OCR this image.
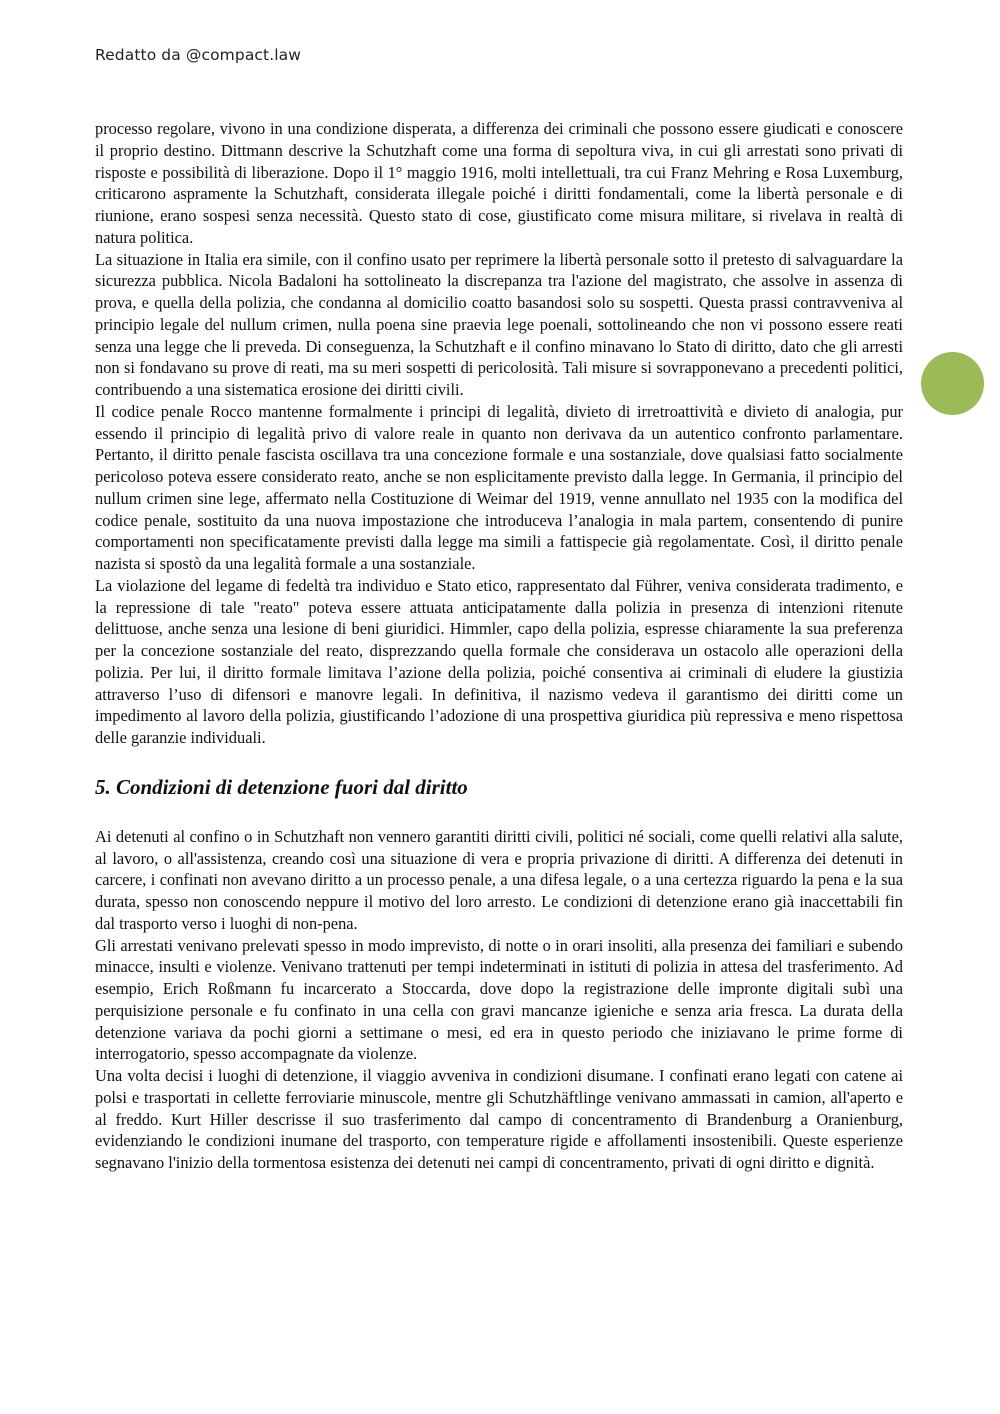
Redatto da @compact.law

processo regolare, vivono in una condizione disperata, a differenza dei criminali che possono essere giudicati e conoscere il proprio destino. Dittmann descrive la Schutzhaft come una forma di sepoltura viva, in cui gli arrestati sono privati di risposte e possibilità di liberazione. Dopo il 1° maggio 1916, molti intellettuali, tra cui Franz Mehring e Rosa Luxemburg, criticarono aspramente la Schutzhaft, considerata illegale poiché i diritti fondamentali, come la libertà personale e di riunione, erano sospesi senza necessità. Questo stato di cose, giustificato come misura militare, si rivelava in realtà di natura politica.

La situazione in Italia era simile, con il confino usato per reprimere la libertà personale sotto il pretesto di salvaguardare la sicurezza pubblica. Nicola Badaloni ha sottolineato la discrepanza tra l'azione del magistrato, che assolve in assenza di prova, e quella della polizia, che condanna al domicilio coatto basandosi solo su sospetti. Questa prassi contravveniva al principio legale del nullum crimen, nulla poena sine praevia lege poenali, sottolineando che non vi possono essere reati senza una legge che li preveda. Di conseguenza, la Schutzhaft e il confino minavano lo Stato di diritto, dato che gli arresti non si fondavano su prove di reati, ma su meri sospetti di pericolosità. Tali misure si sovrapponevano a precedenti politici, contribuendo a una sistematica erosione dei diritti civili.

Il codice penale Rocco mantenne formalmente i principi di legalità, divieto di irretroattività e divieto di analogia, pur essendo il principio di legalità privo di valore reale in quanto non derivava da un autentico confronto parlamentare. Pertanto, il diritto penale fascista oscillava tra una concezione formale e una sostanziale, dove qualsiasi fatto socialmente pericoloso poteva essere considerato reato, anche se non esplicitamente previsto dalla legge. In Germania, il principio del nullum crimen sine lege, affermato nella Costituzione di Weimar del 1919, venne annullato nel 1935 con la modifica del codice penale, sostituito da una nuova impostazione che introduceva l’analogia in mala partem, consentendo di punire comportamenti non specificatamente previsti dalla legge ma simili a fattispecie già regolamentate. Così, il diritto penale nazista si spostò da una legalità formale a una sostanziale.

La violazione del legame di fedeltà tra individuo e Stato etico, rappresentato dal Führer, veniva considerata tradimento, e la repressione di tale "reato" poteva essere attuata anticipatamente dalla polizia in presenza di intenzioni ritenute delittuose, anche senza una lesione di beni giuridici. Himmler, capo della polizia, espresse chiaramente la sua preferenza per la concezione sostanziale del reato, disprezzando quella formale che considerava un ostacolo alle operazioni della polizia. Per lui, il diritto formale limitava l’azione della polizia, poiché consentiva ai criminali di eludere la giustizia attraverso l’uso di difensori e manovre legali. In definitiva, il nazismo vedeva il garantismo dei diritti come un impedimento al lavoro della polizia, giustificando l’adozione di una prospettiva giuridica più repressiva e meno rispettosa delle garanzie individuali.

5. Condizioni di detenzione fuori dal diritto

Ai detenuti al confino o in Schutzhaft non vennero garantiti diritti civili, politici né sociali, come quelli relativi alla salute, al lavoro, o all'assistenza, creando così una situazione di vera e propria privazione di diritti. A differenza dei detenuti in carcere, i confinati non avevano diritto a un processo penale, a una difesa legale, o a una certezza riguardo la pena e la sua durata, spesso non conoscendo neppure il motivo del loro arresto. Le condizioni di detenzione erano già inaccettabili fin dal trasporto verso i luoghi di non-pena.

Gli arrestati venivano prelevati spesso in modo imprevisto, di notte o in orari insoliti, alla presenza dei familiari e subendo minacce, insulti e violenze. Venivano trattenuti per tempi indeterminati in istituti di polizia in attesa del trasferimento. Ad esempio, Erich Roßmann fu incarcerato a Stoccarda, dove dopo la registrazione delle impronte digitali subì una perquisizione personale e fu confinato in una cella con gravi mancanze igieniche e senza aria fresca. La durata della detenzione variava da pochi giorni a settimane o mesi, ed era in questo periodo che iniziavano le prime forme di interrogatorio, spesso accompagnate da violenze.

Una volta decisi i luoghi di detenzione, il viaggio avveniva in condizioni disumane. I confinati erano legati con catene ai polsi e trasportati in cellette ferroviarie minuscole, mentre gli Schutzhäftlinge venivano ammassati in camion, all'aperto e al freddo. Kurt Hiller descrisse il suo trasferimento dal campo di concentramento di Brandenburg a Oranienburg, evidenziando le condizioni inumane del trasporto, con temperature rigide e affollamenti insostenibili. Queste esperienze segnavano l'inizio della tormentosa esistenza dei detenuti nei campi di concentramento, privati di ogni diritto e dignità.
